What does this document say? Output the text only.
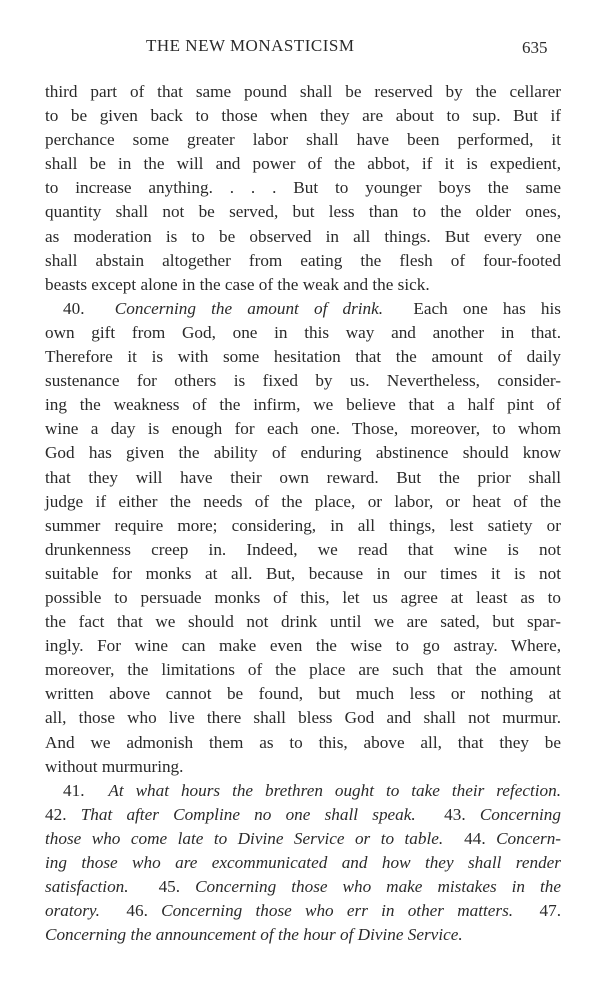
THE NEW MONASTICISM	635
third part of that same pound shall be reserved by the cellarer
to be given back to those when they are about to sup. But if
perchance some greater labor shall have been performed, it
shall be in the will and power of the abbot, if it is expedient,
to increase anything. . . . But to younger boys the same
quantity shall not be served, but less than to the older ones,
as moderation is to be observed in all things. But every one
shall abstain altogether from eating the flesh of four-footed
beasts except alone in the case of the weak and the sick.
40. Concerning the amount of drink. Each one has his
own gift from God, one in this way and another in that.
Therefore it is with some hesitation that the amount of daily
sustenance for others is fixed by us. Nevertheless, consider-
ing the weakness of the infirm, we believe that a half pint of
wine a day is enough for each one. Those, moreover, to whom
God has given the ability of enduring abstinence should know
that they will have their own reward. But the prior shall
judge if either the needs of the place, or labor, or heat of the
summer require more; considering, in all things, lest satiety or
drunkenness creep in. Indeed, we read that wine is not
suitable for monks at all. But, because in our times it is not
possible to persuade monks of this, let us agree at least as to
the fact that we should not drink until we are sated, but spar-
ingly. For wine can make even the wise to go astray. Where,
moreover, the limitations of the place are such that the amount
written above cannot be found, but much less or nothing at
all, those who live there shall bless God and shall not murmur.
And we admonish them as to this, above all, that they be
without murmuring.
41. At what hours the brethren ought to take their refection.
42. That after Compline no one shall speak. 43. Concerning
those who come late to Divine Service or to table. 44. Concern-
ing those who are excommunicated and how they shall render
satisfaction. 45. Concerning those who make mistakes in the
oratory. 46. Concerning those who err in other matters. 47.
Concerning the announcement of the hour of Divine Service.
